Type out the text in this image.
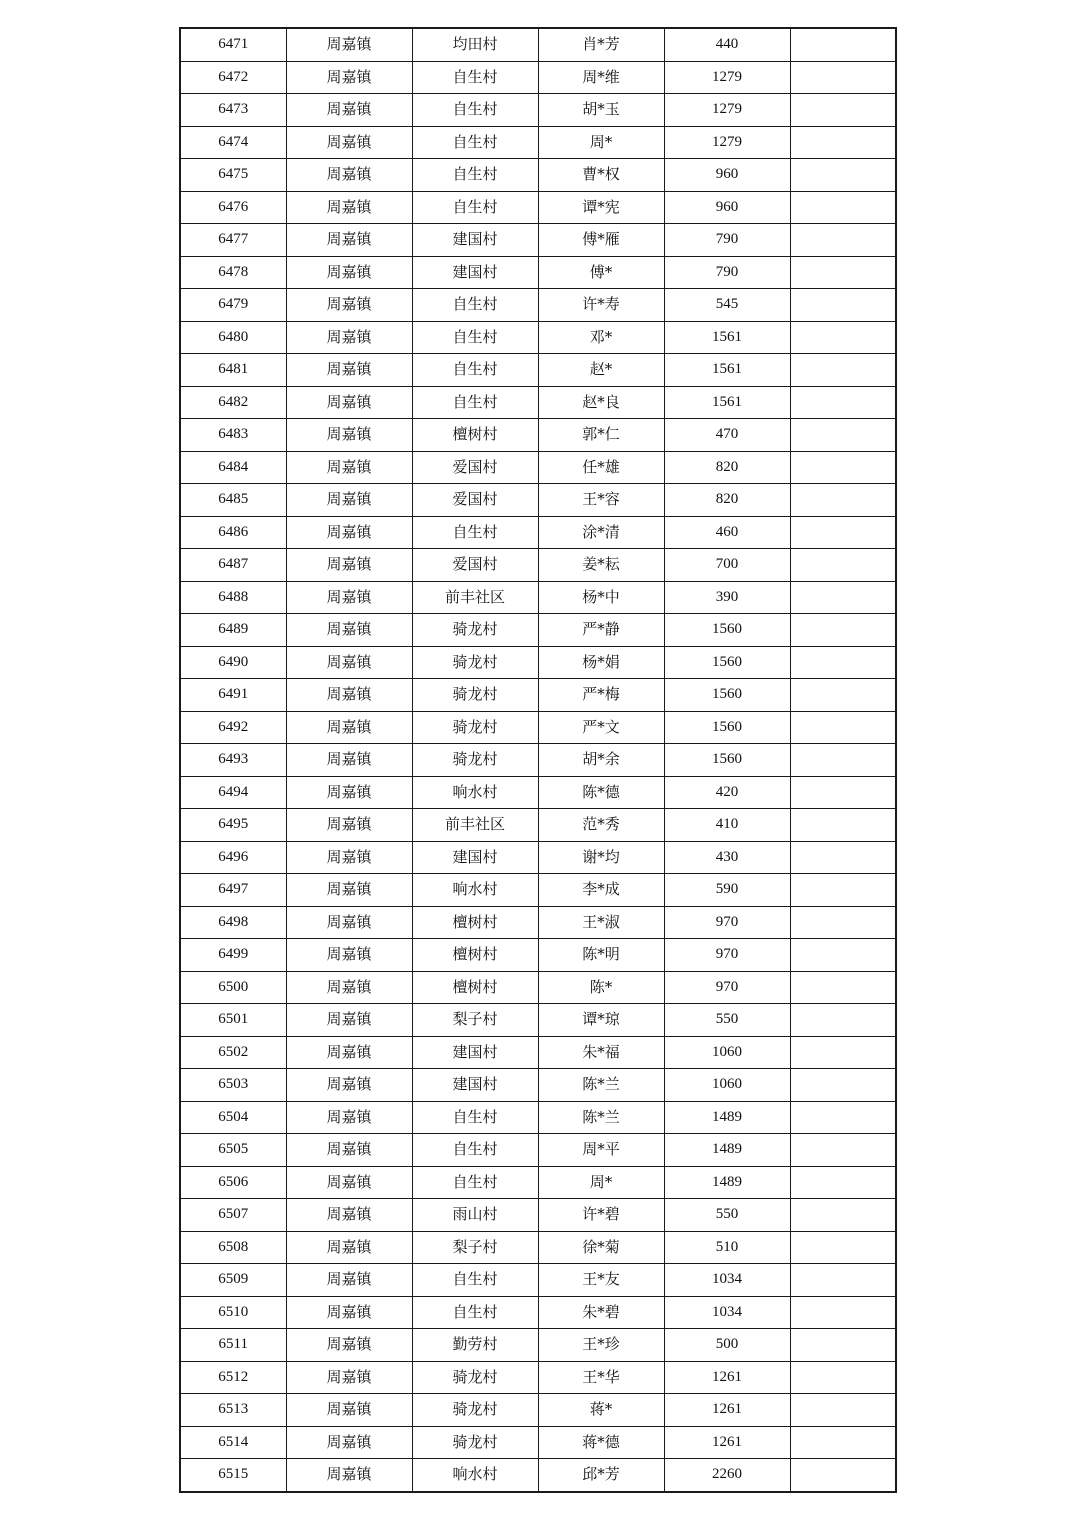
6471	周嘉镇	均田村	肖*芳	440	
6472	周嘉镇	自生村	周*维	1279	
6473	周嘉镇	自生村	胡*玉	1279	
6474	周嘉镇	自生村	周*	1279	
6475	周嘉镇	自生村	曹*权	960	
6476	周嘉镇	自生村	谭*宪	960	
6477	周嘉镇	建国村	傅*雁	790	
6478	周嘉镇	建国村	傅*	790	
6479	周嘉镇	自生村	许*寿	545	
6480	周嘉镇	自生村	邓*	1561	
6481	周嘉镇	自生村	赵*	1561	
6482	周嘉镇	自生村	赵*良	1561	
6483	周嘉镇	檀树村	郭*仁	470	
6484	周嘉镇	爱国村	任*雄	820	
6485	周嘉镇	爱国村	王*容	820	
6486	周嘉镇	自生村	涂*清	460	
6487	周嘉镇	爱国村	姜*耘	700	
6488	周嘉镇	前丰社区	杨*中	390	
6489	周嘉镇	骑龙村	严*静	1560	
6490	周嘉镇	骑龙村	杨*娟	1560	
6491	周嘉镇	骑龙村	严*梅	1560	
6492	周嘉镇	骑龙村	严*文	1560	
6493	周嘉镇	骑龙村	胡*余	1560	
6494	周嘉镇	响水村	陈*德	420	
6495	周嘉镇	前丰社区	范*秀	410	
6496	周嘉镇	建国村	谢*均	430	
6497	周嘉镇	响水村	李*成	590	
6498	周嘉镇	檀树村	王*淑	970	
6499	周嘉镇	檀树村	陈*明	970	
6500	周嘉镇	檀树村	陈*	970	
6501	周嘉镇	梨子村	谭*琼	550	
6502	周嘉镇	建国村	朱*福	1060	
6503	周嘉镇	建国村	陈*兰	1060	
6504	周嘉镇	自生村	陈*兰	1489	
6505	周嘉镇	自生村	周*平	1489	
6506	周嘉镇	自生村	周*	1489	
6507	周嘉镇	雨山村	许*碧	550	
6508	周嘉镇	梨子村	徐*菊	510	
6509	周嘉镇	自生村	王*友	1034	
6510	周嘉镇	自生村	朱*碧	1034	
6511	周嘉镇	勤劳村	王*珍	500	
6512	周嘉镇	骑龙村	王*华	1261	
6513	周嘉镇	骑龙村	蒋*	1261	
6514	周嘉镇	骑龙村	蒋*德	1261	
6515	周嘉镇	响水村	邱*芳	2260	
